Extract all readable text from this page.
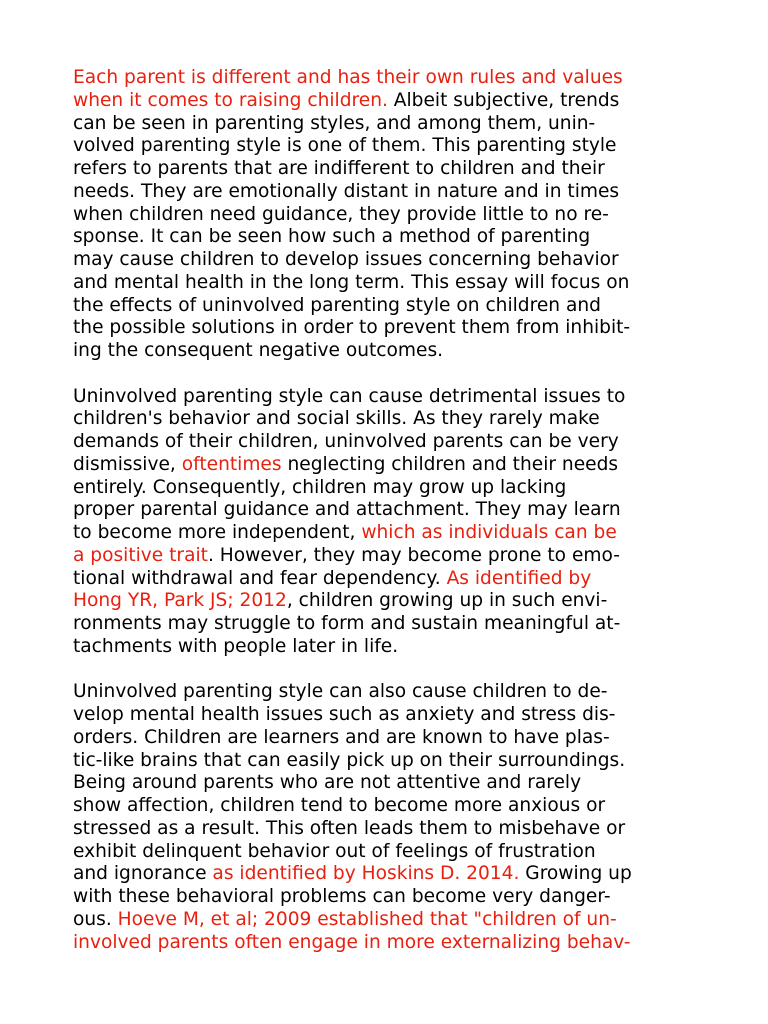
Each parent is different and has their own rules and values
when it comes to raising children. Albeit subjective, trends
can be seen in parenting styles, and among them, unin-
volved parenting style is one of them. This parenting style
refers to parents that are indifferent to children and their
needs. They are emotionally distant in nature and in times
when children need guidance, they provide little to no re-
sponse. It can be seen how such a method of parenting
may cause children to develop issues concerning behavior
and mental health in the long term. This essay will focus on
the effects of uninvolved parenting style on children and
the possible solutions in order to prevent them from inhibit-
ing the consequent negative outcomes.

Uninvolved parenting style can cause detrimental issues to
children's behavior and social skills. As they rarely make
demands of their children, uninvolved parents can be very
dismissive, oftentimes neglecting children and their needs
entirely. Consequently, children may grow up lacking
proper parental guidance and attachment. They may learn
to become more independent, which as individuals can be
a positive trait. However, they may become prone to emo-
tional withdrawal and fear dependency. As identified by
Hong YR, Park JS; 2012, children growing up in such envi-
ronments may struggle to form and sustain meaningful at-
tachments with people later in life.

Uninvolved parenting style can also cause children to de-
velop mental health issues such as anxiety and stress dis-
orders. Children are learners and are known to have plas-
tic-like brains that can easily pick up on their surroundings.
Being around parents who are not attentive and rarely
show affection, children tend to become more anxious or
stressed as a result. This often leads them to misbehave or
exhibit delinquent behavior out of feelings of frustration
and ignorance as identified by Hoskins D. 2014. Growing up
with these behavioral problems can become very danger-
ous. Hoeve M, et al; 2009 established that "children of un-
involved parents often engage in more externalizing behav-
